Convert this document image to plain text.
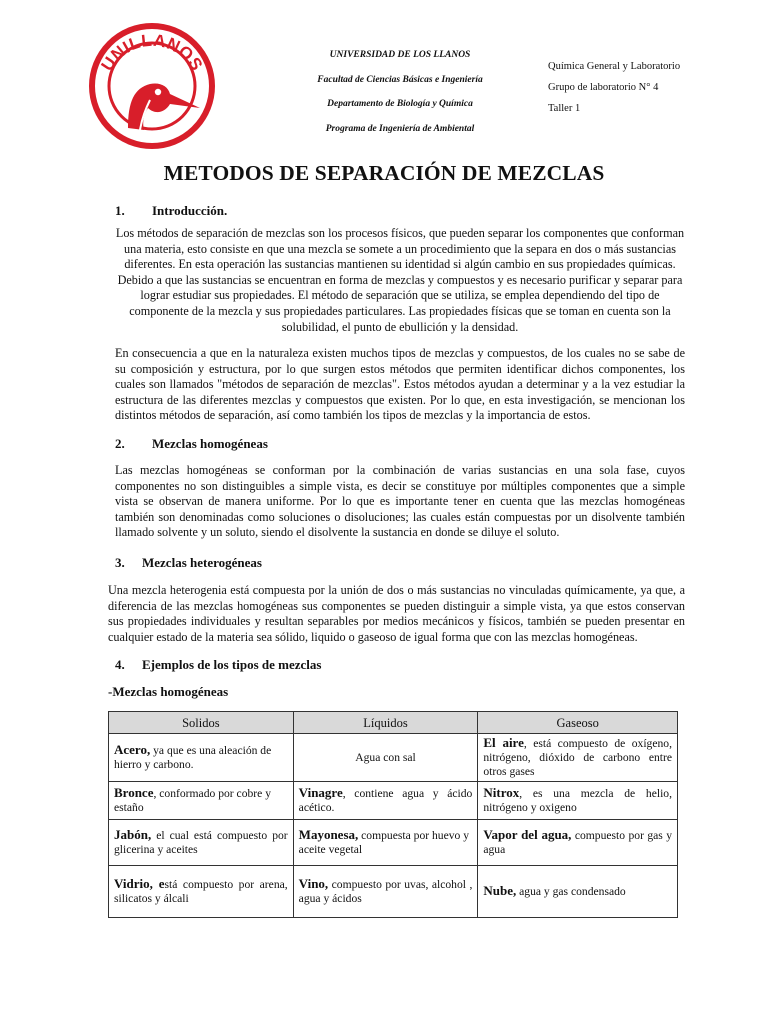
UNILLANOS	UNIVERSIDAD DE LOS LLANOS
Facultad de Ciencias Básicas e Ingeniería
Departamento de Biología y Química
Programa de Ingeniería de Ambiental
Química General y Laboratorio
Grupo de laboratorio N° 4
Taller 1
METODOS DE SEPARACIÓN DE MEZCLAS
1. Introducción.
Los métodos de separación de mezclas son los procesos físicos, que pueden separar los componentes que conforman una materia, esto consiste en que una mezcla se somete a un procedimiento que la separa en dos o más sustancias diferentes. En esta operación las sustancias mantienen su identidad si algún cambio en sus propiedades químicas. Debido a que las sustancias se encuentran en forma de mezclas y compuestos y es necesario purificar y separar para lograr estudiar sus propiedades. El método de separación que se utiliza, se emplea dependiendo del tipo de componente de la mezcla y sus propiedades particulares. Las propiedades físicas que se toman en cuenta son la solubilidad, el punto de ebullición y la densidad.
En consecuencia a que en la naturaleza existen muchos tipos de mezclas y compuestos, de los cuales no se sabe de su composición y estructura, por lo que surgen estos métodos que permiten identificar dichos componentes, los cuales son llamados "métodos de separación de mezclas". Estos métodos ayudan a determinar y a la vez estudiar la estructura de las diferentes mezclas y compuestos que existen. Por lo que, en esta investigación, se mencionan los distintos métodos de separación, así como también los tipos de mezclas y la importancia de estos.
2. Mezclas homogéneas
Las mezclas homogéneas se conforman por la combinación de varias sustancias en una sola fase, cuyos componentes no son distinguibles a simple vista, es decir se constituye por múltiples componentes que a simple vista se observan de manera uniforme. Por lo que es importante tener en cuenta que las mezclas homogéneas también son denominadas como soluciones o disoluciones; las cuales están compuestas por un disolvente también llamado solvente y un soluto, siendo el disolvente la sustancia en donde se diluye el soluto.
3. Mezclas heterogéneas
Una mezcla heterogenia está compuesta por la unión de dos o más sustancias no vinculadas químicamente, ya que, a diferencia de las mezclas homogéneas sus componentes se pueden distinguir a simple vista, ya que estos conservan sus propiedades individuales y resultan separables por medios mecánicos y físicos, también se pueden presentar en cualquier estado de la materia sea sólido, liquido o gaseoso de igual forma que con las mezclas homogéneas.
4. Ejemplos de los tipos de mezclas
-Mezclas homogéneas
Solidos	Líquidos	Gaseoso
Acero, ya que es una aleación de hierro y carbono.	Agua con sal	El aire, está compuesto de oxígeno, nitrógeno, dióxido de carbono entre otros gases
Bronce, conformado por cobre y estaño	Vinagre, contiene agua y ácido acético.	Nitrox, es una mezcla de helio, nitrógeno y oxigeno
Jabón, el cual está compuesto por glicerina y aceites	Mayonesa, compuesta por huevo y aceite vegetal	Vapor del agua, compuesto por gas y agua
Vidrio, está compuesto por arena, silicatos y álcali	Vino, compuesto por uvas, alcohol , agua y ácidos	Nube, agua y gas condensado
